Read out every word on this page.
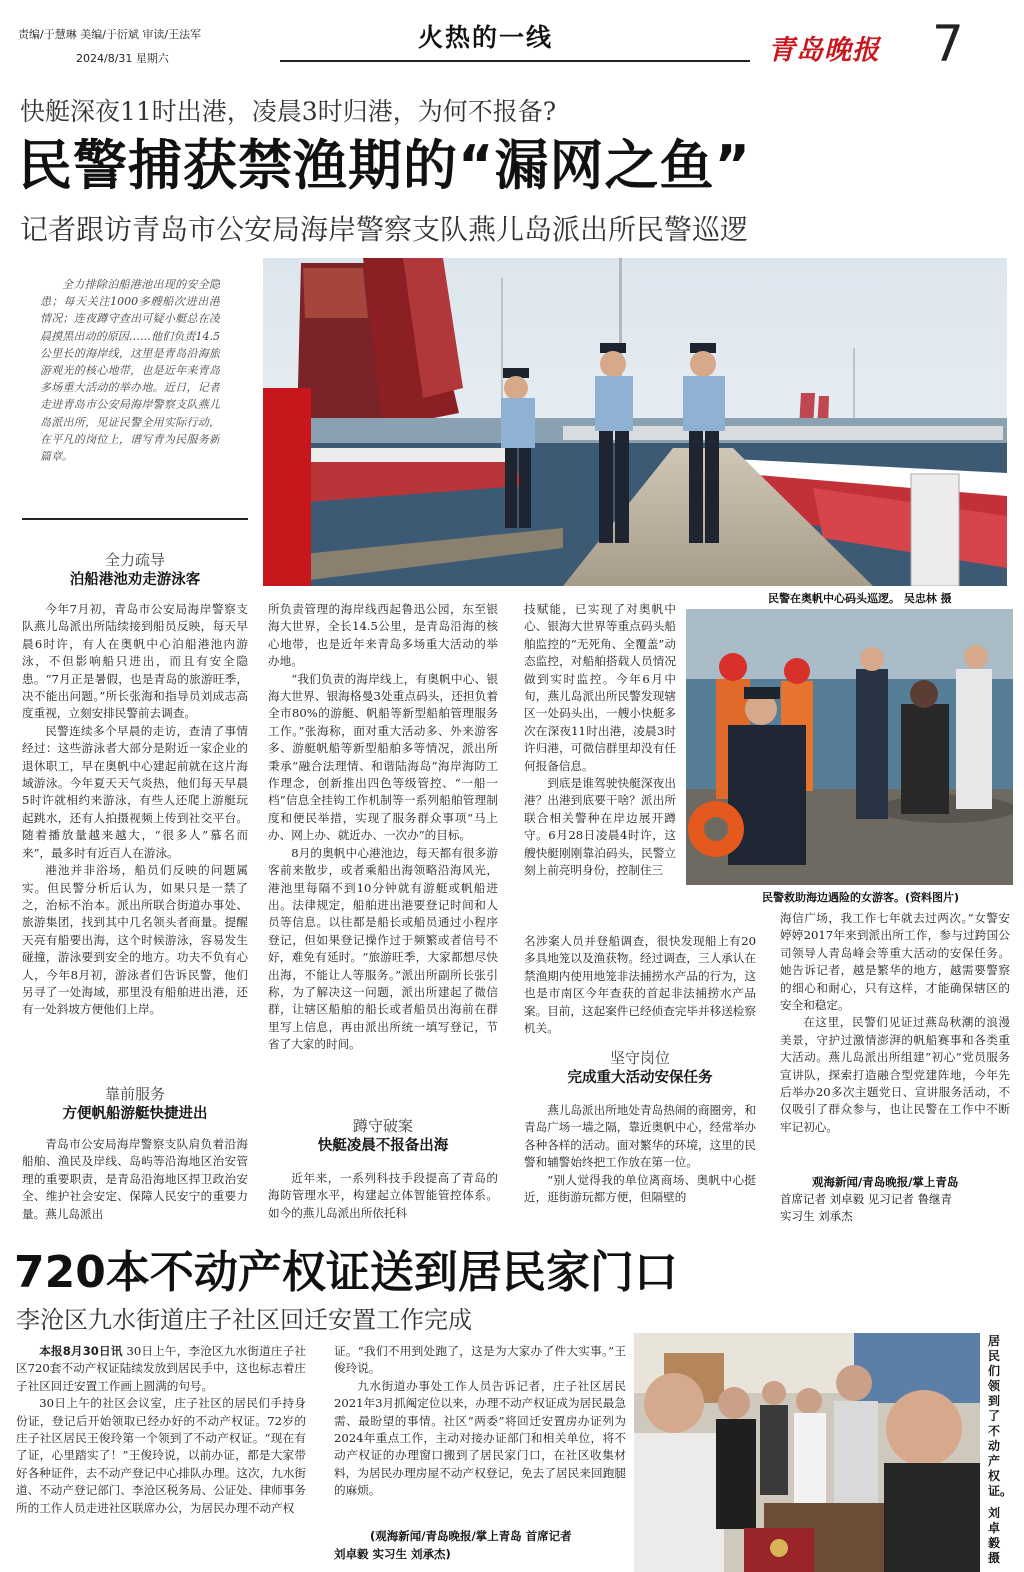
责编/于慧琳 美编/于衍斌 审读/王法军
2024/8/31 星期六
火热的一线	青岛晚报 7
快艇深夜11时出港，凌晨3时归港，为何不报备?
民警捕获禁渔期的“漏网之鱼”
记者跟访青岛市公安局海岸警察支队燕儿岛派出所民警巡逻

全力排除泊船港池出现的安全隐患；每天关注1000多艘船次进出港情况；连夜蹲守查出可疑小艇总在凌晨摸黑出动的原因……他们负责14.5公里长的海岸线，这里是青岛沿海旅游观光的核心地带，也是近年来青岛多场重大活动的举办地。近日，记者走进青岛市公安局海岸警察支队燕儿岛派出所，见证民警全用实际行动，在平凡的岗位上，谱写青为民服务新篇章。

全力疏导
泊船港池劝走游泳客
民警在奥帆中心码头巡逻。 吴忠林 摄
民警救助海边遇险的女游客。(资料图片)

今年7月初，青岛市公安局海岸警察支队燕儿岛派出所陆续接到船员反映，每天早晨6时许，有人在奥帆中心泊船港池内游泳，不但影响船只进出，而且有安全隐患。“7月正是暑假，也是青岛的旅游旺季，决不能出问题。”所长张海和指导员刘成志高度重视，立刻安排民警前去调查。

民警连续多个早晨的走访，查清了事情经过：这些游泳者大部分是附近一家企业的退休职工，早在奥帆中心建起前就在这片海域游泳。今年夏天天气炎热，他们每天早晨5时许就相约来游泳，有些人还爬上游艇玩起跳水，还有人拍摄视频上传到社交平台。随着播放量越来越大，“很多人”慕名而来”，最多时有近百人在游泳。

港池并非浴场，船员们反映的问题属实。但民警分析后认为，如果只是一禁了之，治标不治本。派出所联合街道办事处、旅游集团，找到其中几名领头者商量。提醒天亮有船要出海，这个时候游泳，容易发生碰撞，游泳要到安全的地方。功夫不负有心人，今年8月初，游泳者们告诉民警，他们另寻了一处海域，那里没有船舶进出港，还有一处斜坡方便他们上岸。

靠前服务
方便帆船游艇快捷进出

青岛市公安局海岸警察支队肩负着沿海船舶、渔民及岸线、岛屿等沿海地区治安管理的重要职责，是青岛沿海地区捍卫政治安全、维护社会安定、保障人民安宁的重要力量。燕儿岛派出

所负责管理的海岸线西起鲁迅公园，东至银海大世界，全长14.5公里，是青岛沿海的核心地带，也是近年来青岛多场重大活动的举办地。

“我们负责的海岸线上，有奥帆中心、银海大世界、银海格曼3处重点码头，还担负着全市80%的游艇、帆船等新型船舶管理服务工作。”张海称，面对重大活动多、外来游客多、游艇帆船等新型船舶多等情况，派出所秉承“融合法理情、和谐陆海岛”海岸海防工作理念，创新推出四色等级管控、“一船一档”信息全挂钩工作机制等一系列船舶管理制度和便民举措，实现了服务群众事项“马上办、网上办、就近办、一次办”的目标。

8月的奥帆中心港池边，每天都有很多游客前来散步，或者乘船出海领略沿海风光，港池里每隔不到10分钟就有游艇或帆船进出。法律规定，船舶进出港要登记时间和人员等信息。以往都是船长或船员通过小程序登记，但如果登记操作过于频繁或者信号不好，难免有延时。“旅游旺季，大家都想尽快出海，不能让人等服务。”派出所副所长张引称，为了解决这一问题，派出所建起了微信群，让辖区船舶的船长或者船员出海前在群里写上信息，再由派出所统一填写登记，节省了大家的时间。

蹲守破案
快艇凌晨不报备出海

近年来，一系列科技手段提高了青岛的海防管理水平，构建起立体智能管控体系。如今的燕儿岛派出所依托科

技赋能，已实现了对奥帆中心、银海大世界等重点码头船舶监控的“无死角、全覆盖”动态监控，对船舶搭载人员情况做到实时监控。今年6月中旬，燕儿岛派出所民警发现辖区一处码头出，一艘小快艇多次在深夜11时出港，凌晨3时许归港，可微信群里却没有任何报备信息。

到底是谁驾驶快艇深夜出港？出港到底要干啥？派出所联合相关警种在岸边展开蹲守。6月28日凌晨4时许，这艘快艇刚刚靠泊码头，民警立刻上前亮明身份，控制住三

名涉案人员并登船调查，很快发现船上有20多具地笼以及渔获物。经过调查，三人承认在禁渔期内使用地笼非法捕捞水产品的行为，这也是市南区今年查获的首起非法捕捞水产品案。目前，这起案件已经侦查完毕并移送检察机关。

坚守岗位
完成重大活动安保任务

燕儿岛派出所地处青岛热闹的商圈旁，和青岛广场一墙之隔，靠近奥帆中心，经常举办各种各样的活动。面对繁华的环境，这里的民警和辅警始终把工作放在第一位。

“别人觉得我的单位离商场、奥帆中心挺近，逛街游玩都方便，但隔壁的

海信广场，我工作七年就去过两次。”女警安婷婷2017年来到派出所工作，参与过跨国公司领导人青岛峰会等重大活动的安保任务。她告诉记者，越是繁华的地方，越需要警察的细心和耐心，只有这样，才能确保辖区的安全和稳定。

在这里，民警们见证过燕岛秋潮的浪漫美景，守护过激情澎湃的帆船赛事和各类重大活动。燕儿岛派出所组建“初心”党员服务宣讲队，探索打造融合型党建阵地，今年先后举办20多次主题党日、宣讲服务活动，不仅吸引了群众参与，也让民警在工作中不断牢记初心。

观海新闻/青岛晚报/掌上青岛
首席记者 刘卓毅 见习记者 鲁继青
实习生 刘承杰
720本不动产权证送到居民家门口
李沧区九水街道庄子社区回迁安置工作完成

本报8月30日讯 30日上午，李沧区九水街道庄子社区720套不动产权证陆续发放到居民手中，这也标志着庄子社区回迁安置工作画上圆满的句号。

30日上午的社区会议室，庄子社区的居民们手持身份证，登记后开始领取已经办好的不动产权证。72岁的庄子社区居民王俊玲第一个领到了不动产权证。“现在有了证，心里踏实了！”王俊玲说，以前办证，都是大家带好各种证件，去不动产登记中心排队办理。这次，九水街道、不动产登记部门、李沧区税务局、公证处、律师事务所的工作人员走进社区联席办公，为居民办理不动产权

证。“我们不用到处跑了，这是为大家办了件大实事。”王俊玲说。

九水街道办事处工作人员告诉记者，庄子社区居民2021年3月抓阄定位以来，办理不动产权证成为居民最急需、最盼望的事情。社区“两委”将回迁安置房办证列为2024年重点工作，主动对接办证部门和相关单位，将不动产权证的办理窗口搬到了居民家门口，在社区收集材料，为居民办理房屋不动产权登记，免去了居民来回跑腿的麻烦。

(观海新闻/青岛晚报/掌上青岛 首席记者
刘卓毅 实习生 刘承杰)
居民们领到了不动产权证。
刘卓毅 摄
